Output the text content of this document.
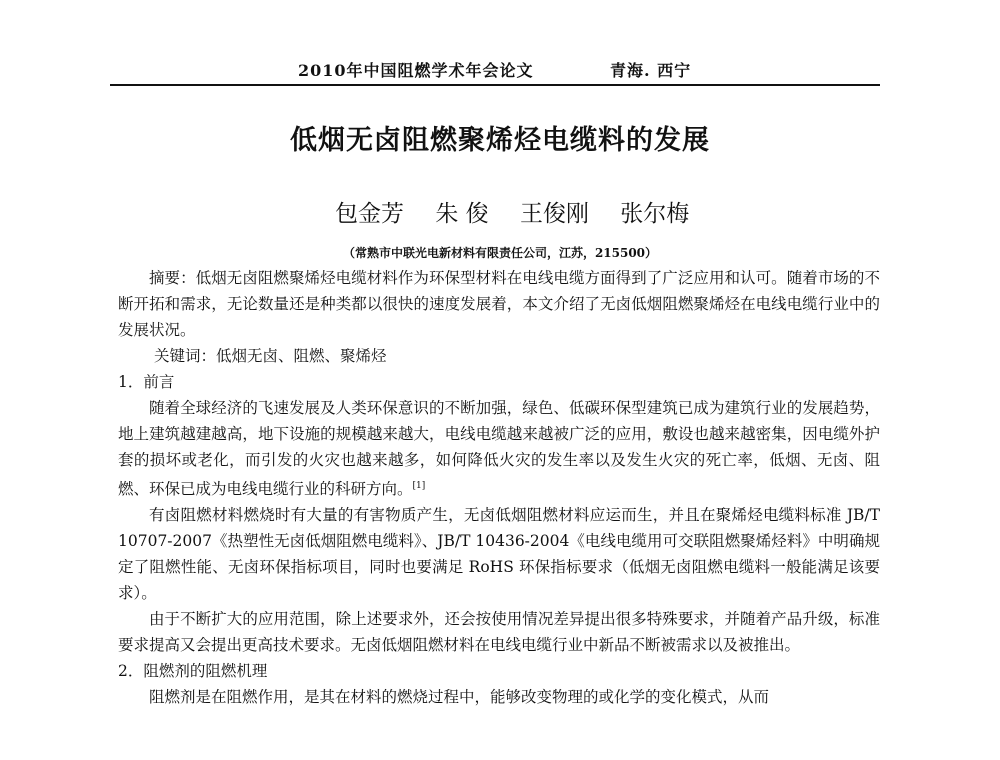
2010年中国阻燃学术年会论文	青海. 西宁
低烟无卤阻燃聚烯烃电缆料的发展
包金芳 朱 俊 王俊刚 张尔梅
（常熟市中联光电新材料有限责任公司，江苏，215500）

摘要：低烟无卤阻燃聚烯烃电缆材料作为环保型材料在电线电缆方面得到了广泛应用和认可。随着市场的不断开拓和需求，无论数量还是种类都以很快的速度发展着，本文介绍了无卤低烟阻燃聚烯烃在电线电缆行业中的发展状况。

关键词：低烟无卤、阻燃、聚烯烃

1．前言

随着全球经济的飞速发展及人类环保意识的不断加强，绿色、低碳环保型建筑已成为建筑行业的发展趋势，地上建筑越建越高，地下设施的规模越来越大，电线电缆越来越被广泛的应用，敷设也越来越密集，因电缆外护套的损坏或老化，而引发的火灾也越来越多，如何降低火灾的发生率以及发生火灾的死亡率，低烟、无卤、阻燃、环保已成为电线电缆行业的科研方向。[1]

有卤阻燃材料燃烧时有大量的有害物质产生，无卤低烟阻燃材料应运而生，并且在聚烯烃电缆料标准 JB/T 10707-2007《热塑性无卤低烟阻燃电缆料》、JB/T 10436-2004《电线电缆用可交联阻燃聚烯烃料》中明确规定了阻燃性能、无卤环保指标项目，同时也要满足 RoHS 环保指标要求（低烟无卤阻燃电缆料一般能满足该要求）。

由于不断扩大的应用范围，除上述要求外，还会按使用情况差异提出很多特殊要求，并随着产品升级，标准要求提高又会提出更高技术要求。无卤低烟阻燃材料在电线电缆行业中新品不断被需求以及被推出。

2．阻燃剂的阻燃机理

阻燃剂是在阻燃作用，是其在材料的燃烧过程中，能够改变物理的或化学的变化模式，从而
